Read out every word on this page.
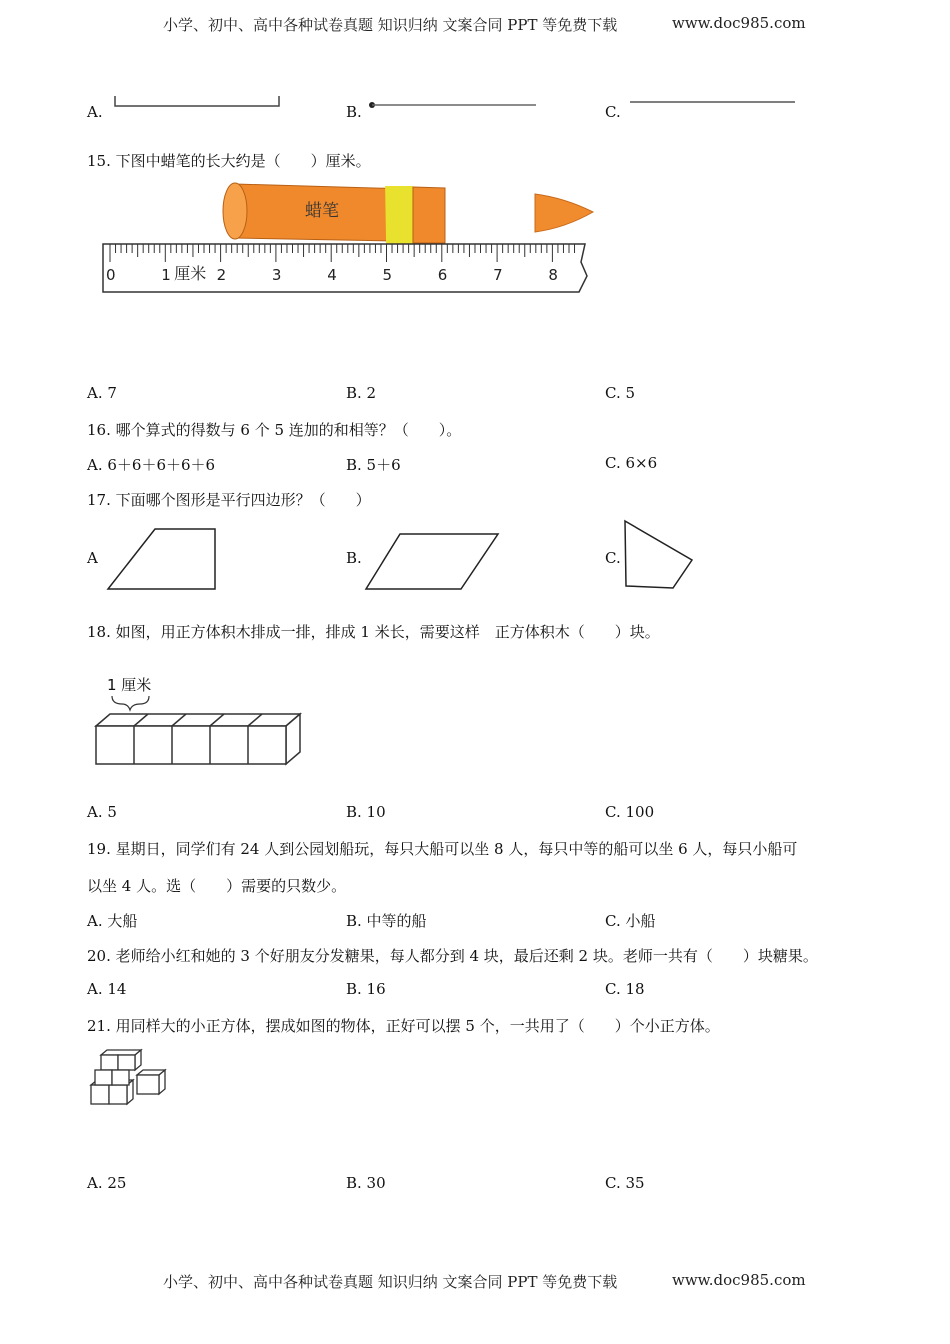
小学、初中、高中各种试卷真题 知识归纳 文案合同 PPT 等免费下载	www.doc985.com
A.	B.	C.
15. 下图中蜡笔的长大约是（　　）厘米。
蜡笔
0	1	2	3	4	5	6	7	8
厘米
A. 7	B. 2	C. 5
16. 哪个算式的得数与 6 个 5 连加的和相等？（　　）。
A. 6＋6＋6＋6＋6	B. 5＋6	C. 6×6
17. 下面哪个图形是平行四边形？（　　）
A	B.	C.
18. 如图，用正方体积木排成一排，排成 1 米长，需要这样　正方体积木（　　）块。
1 厘米
A. 5	B. 10	C. 100
19. 星期日，同学们有 24 人到公园划船玩，每只大船可以坐 8 人，每只中等的船可以坐 6 人，每只小船可
以坐 4 人。选（　　）需要的只数少。
A. 大船	B. 中等的船	C. 小船
20. 老师给小红和她的 3 个好朋友分发糖果，每人都分到 4 块，最后还剩 2 块。老师一共有（　　）块糖果。
A. 14	B. 16	C. 18
21. 用同样大的小正方体，摆成如图的物体，正好可以摆 5 个，一共用了（　　）个小正方体。
A. 25	B. 30	C. 35
小学、初中、高中各种试卷真题 知识归纳 文案合同 PPT 等免费下载	www.doc985.com
